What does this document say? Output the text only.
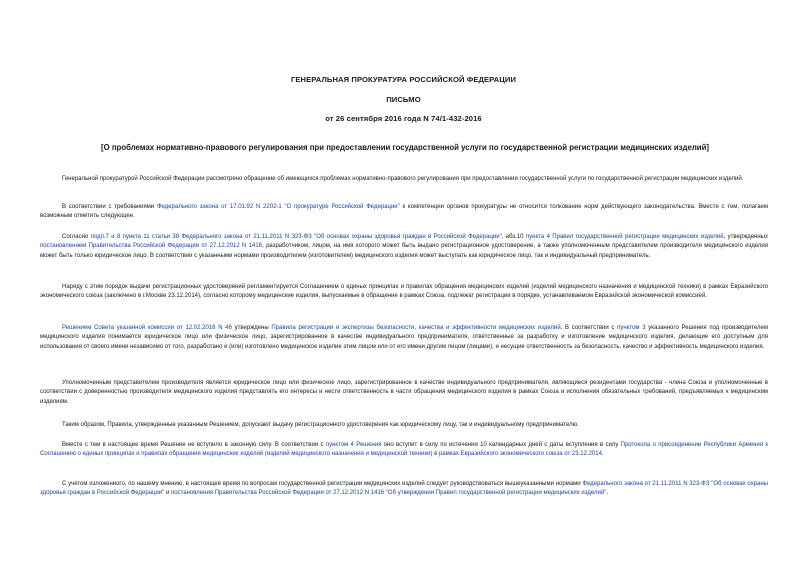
ГЕНЕРАЛЬНАЯ ПРОКУРАТУРА РОССИЙСКОЙ ФЕДЕРАЦИИ
ПИСЬМО
от 26 сентября 2016 года N 74/1-432-2016
[О проблемах нормативно-правового регулирования при предоставлении государственной услуги по государственной регистрации медицинских изделий]
Генеральной прокуратурой Российской Федерации рассмотрено обращение об имеющихся проблемах нормативно-правового регулирования при предоставлении государственной услуги по государственной регистрации медицинских изделий.
В соответствии с требованиями Федерального закона от 17.01.92 N 2202-1 "О прокуратуре Российской Федерации" к компетенции органов прокуратуры не относится толкование норм действующего законодательства. Вместе с тем, полагаем возможным отметить следующее.
Согласно подп.7 и 8 пункта 11 статьи 38 Федерального закона от 21.11.2011 N 323-ФЗ "Об основах охраны здоровья граждан в Российской Федерации", абз.10 пункта 4 Правил государственной регистрации медицинских изделий, утвержденных постановлением Правительства Российской Федерации от 27.12.2012 N 1416, разработчиком, лицом, на имя которого может быть выдано регистрационное удостоверение, а также уполномоченным представителем производителя медицинского изделия может быть только юридическое лицо. В соответствии с указанными нормами производителем (изготовителем) медицинского изделия может выступать как юридическое лицо, так и индивидуальный предприниматель.
Наряду с этим порядок выдачи регистрационных удостоверений регламентируется Соглашением о единых принципах и правилах обращения медицинских изделий (изделий медицинского назначения и медицинской техники) в рамках Евразийского экономического союза (заключено в г.Москве 23.12.2014), согласно которому медицинские изделия, выпускаемые в обращение в рамках Союза, подлежат регистрации в порядке, устанавливаемом Евразийской экономической комиссией.
Решением Совета указанной комиссии от 12.02.2016 N 46 утверждены Правила регистрации и экспертизы безопасности, качества и эффективности медицинских изделий. В соответствии с пунктом 3 указанного Решения под производителем медицинского изделия понимается юридическое лицо или физическое лицо, зарегистрированное в качестве индивидуального предпринимателя, ответственные за разработку и изготовление медицинского изделия, делающие его доступным для использования от своего имени независимо от того, разработано и (или) изготовлено медицинское изделие этим лицом или от его имени другим лицом (лицами), и несущие ответственность за безопасность, качество и эффективность медицинского изделия.
Уполномоченным представителем производителя является юридическое лицо или физическое лицо, зарегистрированное в качестве индивидуального предпринимателя, являющиеся резидентами государства - члена Союза и уполномоченные в соответствии с доверенностью производителя медицинского изделия представлять его интересы и нести ответственность в части обращения медицинского изделия в рамках Союза и исполнения обязательных требований, предъявляемых к медицинским изделиям.
Таким образом, Правила, утвержденные указанным Решением, допускают выдачу регистрационного удостоверения как юридическому лицу, так и индивидуальному предпринимателю.
Вместе с тем в настоящее время Решение не вступило в законную силу. В соответствии с пунктом 4 Решения оно вступит в силу по истечении 10 календарных дней с даты вступления в силу Протокола о присоединении Республики Армения к Соглашению о единых принципах и правилах обращения медицинских изделий (изделий медицинского назначения и медицинской техники) в рамках Евразийского экономического союза от 23.12.2014.
С учетом изложенного, по нашему мнению, в настоящее время по вопросам государственной регистрации медицинских изделий следует руководствоваться вышеуказанными нормами Федерального закона от 21.11.2011 N 323-ФЗ "Об основах охраны здоровья граждан в Российской Федерации" и постановления Правительства Российской Федерации от 27.12.2012 N 1416 "Об утверждении Правил государственной регистрации медицинских изделий".
